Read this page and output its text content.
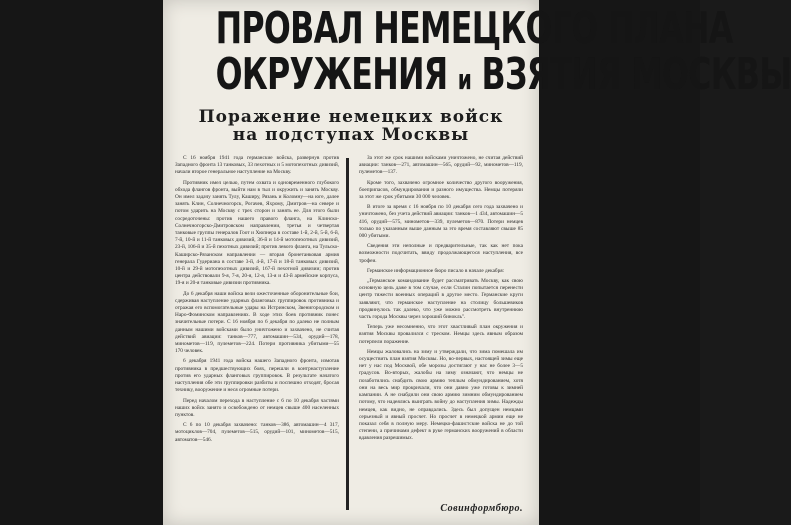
ПРОВАЛ НЕМЕЦКОГО ПЛАНА
ОКРУЖЕНИЯ и ВЗЯТИЯ МОСКВЫ
Поражение немецких войск
на подступах Москвы

С 16 ноября 1941 года германские войска, развернув против Западного фронта 13 танковых, 33 пехотных и 5 мотопехотных дивизий, начали второе генеральное наступление на Москву.

Противник имел целью, путем охвата и одновременного глубокого обхода флангов фронта, выйти нам в тыл и окружить и занять Москву. Он имел задачу занять Тулу, Каширу, Рязань и Коломну—на юге, далее занять Клин, Солнечногорск, Рогачев, Яхрому, Дмитров—на севере и потом ударить на Москву с трех сторон и занять ее. Для этого были сосредоточены: против нашего правого фланга, на Клинско-Солнечногорско-Дмитровском направлении, третья и четвертая танковые группы генералов Гоот и Хюпнера в составе 1-й, 2-й, 5-й, 6-й, 7-й, 10-й и 11-й танковых дивизий, 36-й и 14-й мотопехотных дивизий, 23-й, 106-й и 35-й пехотных дивизий; против левого фланга, на Тульско-Каширско-Рязанском направлении — вторая бронетанковая армия генерала Гудериана в составе 3-й, 4-й, 17-й и 18-й танковых дивизий, 10-й и 29-й мотопехотных дивизий, 167-й пехотной дивизии; против центра действовали 9-я, 7-я, 20-я, 12-я, 13-я и 43-й армейские корпуса, 19-я и 20-я танковые дивизии противника.

До 6 декабря наши войска вели ожесточенные оборонительные бои, сдерживая наступление ударных фланговых группировок противника и отражая его вспомогательные удары на Истринском, Звенигородском и Наро-Фоминском направлениях. В ходе этих боев противник понес значительные потери. С 16 ноября по 6 декабря по далеко не полным данным нашими войсками было уничтожено и захвачено, не считая действий авиации: танков—777, автомашин—534, орудий—178, минометов—119, пулеметов—224. Потери противника убитыми—55 170 человек.

6 декабря 1941 года войска нашего Западного фронта, измотав противника в предшествующих боях, перешли в контрнаступление против его ударных фланговых группировок. В результате начатого наступления обе эти группировки разбиты и поспешно отходят, бросая технику, вооружение и неся огромные потери.

Перед началом перехода в наступление с 6 по 10 декабря частями наших войск занято и освобождено от немцев свыше 400 населенных пунктов.

С 6 по 10 декабря захвачено: танков—386, автомашин—4 317, мотоциклов—704, пулеметов—515, орудий—101, минометов—515, автоматов—546.

За этот же срок нашими войсками уничтожено, не считая действий авиации: танков—271, автомашин—565, орудий—92, минометов—119, пулеметов—137.

Кроме того, захвачено огромное количество другого вооружения, боеприпасов, обмундирования и разного имущества. Немцы потеряли за этот же срок убитыми 30 000 человек.

В итоге за время с 16 ноября по 10 декабря сего года захвачено и уничтожено, без учета действий авиации: танков—1 434, автомашин—5 416, орудий—575, минометов—339, пулеметов—870. Потери немцев только по указанным выше данным за это время составляют свыше 85 000 убитыми.

Сведения эти неполные и предварительные, так как нет пока возможности подсчитать, ввиду продолжающегося наступления, все трофеи.

Германское информационное бюро писало в начале декабря:

„Германское командование будет рассматривать Москву, как свою основную цель даже в том случае, если Сталин попытается перенести центр тяжести военных операций в другое место. Германские круги заявляют, что германское наступление на столицу большевиков продвинулось так далеко, что уже можно рассмотреть внутреннюю часть города Москвы через хороший бинокль".

Теперь уже несомненно, что этот хвастливый план окружения и взятия Москвы провалился с треском. Немцы здесь явным образом потерпели поражение.

Немцы жаловались на зиму и утверждали, что зима помешала им осуществить план взятия Москвы. Но, во-первых, настоящей зимы еще нет у нас под Москвой, обе морозы достигают у нас не более 3—5 градусов. Во-вторых, жалобы на зиму означают, что немцы не позаботились снабдить свою армию теплым обмундированием, хотя они на весь мир прокричали, что они давно уже готовы к зимней кампании. А не снабдили они свою армию зимним обмундированием потому, что надеялись выиграть войну до наступления зимы. Надежды немцев, как видно, не оправдались. Здесь был допущен немцами серьезный и явный просчет. Но просчет в немецкой армии еще не показал себя в полную меру. Немецко-фашистские войска не до той степени, а причинами дефект в руке германских вооружений в области вдавления разрешимых.

Совинформбюро.
